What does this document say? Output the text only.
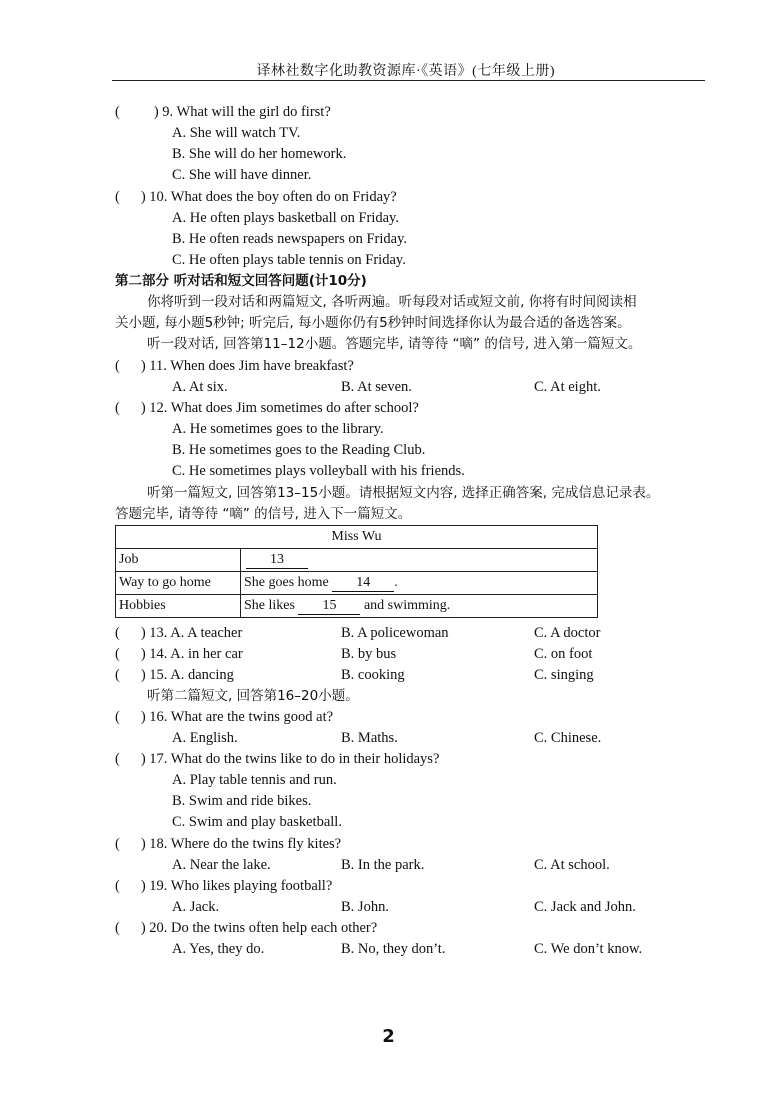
译林社数字化助教资源库·《英语》(七年级上册)
( ) 9. What will the girl do first?
A. She will watch TV.
B. She will do her homework.
C. She will have dinner.
( ) 10. What does the boy often do on Friday?
A. He often plays basketball on Friday.
B. He often reads newspapers on Friday.
C. He often plays table tennis on Friday.
第二部分 听对话和短文回答问题(计10分)
你将听到一段对话和两篇短文, 各听两遍。听每段对话或短文前, 你将有时间阅读相
关小题, 每小题5秒钟; 听完后, 每小题你仍有5秒钟时间选择你认为最合适的备选答案。
听一段对话, 回答第11–12小题。答题完毕, 请等待 “嘀” 的信号, 进入第一篇短文。
( ) 11. When does Jim have breakfast?
A. At six.	B. At seven.	C. At eight.
( ) 12. What does Jim sometimes do after school?
A. He sometimes goes to the library.
B. He sometimes goes to the Reading Club.
C. He sometimes plays volleyball with his friends.
听第一篇短文, 回答第13–15小题。请根据短文内容, 选择正确答案, 完成信息记录表。
答题完毕, 请等待 “嘀” 的信号, 进入下一篇短文。
Miss Wu	
Job	13
Way to go home	She goes home 14 .
Hobbies	She likes 15 and swimming.
( ) 13. A. A teacher	B. A policewoman	C. A doctor
( ) 14. A. in her car	B. by bus	C. on foot
( ) 15. A. dancing	B. cooking	C. singing
听第二篇短文, 回答第16–20小题。
( ) 16. What are the twins good at?
A. English.	B. Maths.	C. Chinese.
( ) 17. What do the twins like to do in their holidays?
A. Play table tennis and run.
B. Swim and ride bikes.
C. Swim and play basketball.
( ) 18. Where do the twins fly kites?
A. Near the lake.	B. In the park.	C. At school.
( ) 19. Who likes playing football?
A. Jack.	B. John.	C. Jack and John.
( ) 20. Do the twins often help each other?
A. Yes, they do.	B. No, they don’t.	C. We don’t know.
2
